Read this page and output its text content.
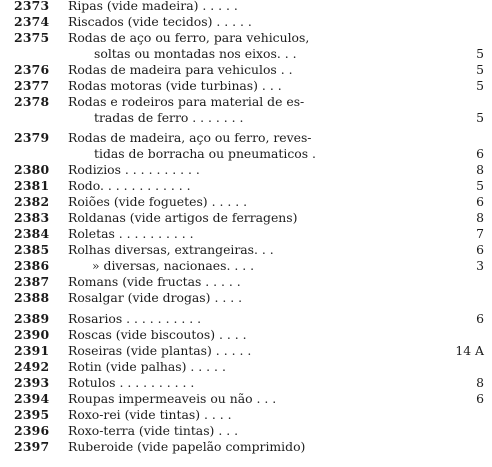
2373 Ripas (vide madeira) . . . . .
2374 Riscados (vide tecidos) . . . . .
2375 Rodas de aço ou ferro, para vehiculos,
soltas ou montadas nos eixos. . .	5
2376 Rodas de madeira para vehiculos . .	5
2377 Rodas motoras (vide turbinas) . . .	5
2378 Rodas e rodeiros para material de es-
tradas de ferro . . . . . . .	5
2379 Rodas de madeira, aço ou ferro, reves-
tidas de borracha ou pneumaticos .	6
2380 Rodizios . . . . . . . . . .	8
2381 Rodo. . . . . . . . . . . .	5
2382 Roiões (vide foguetes) . . . . .	6
2383 Roldanas (vide artigos de ferragens)	8
2384 Roletas . . . . . . . . . .	7
2385 Rolhas diversas, extrangeiras. . .	6
2386	» diversas, nacionaes. . . .	3
2387 Romans (vide fructas . . . . .
2388 Rosalgar (vide drogas) . . . .
2389 Rosarios . . . . . . . . . .	6
2390 Roscas (vide biscoutos) . . . .
2391 Roseiras (vide plantas) . . . . .	14 A
2492 Rotin (vide palhas) . . . . .
2393 Rotulos . . . . . . . . . .	8
2394 Roupas impermeaveis ou não . . .	6
2395 Roxo-rei (vide tintas) . . . .
2396 Roxo-terra (vide tintas) . . .
2397 Ruberoide (vide papelão comprimido)
